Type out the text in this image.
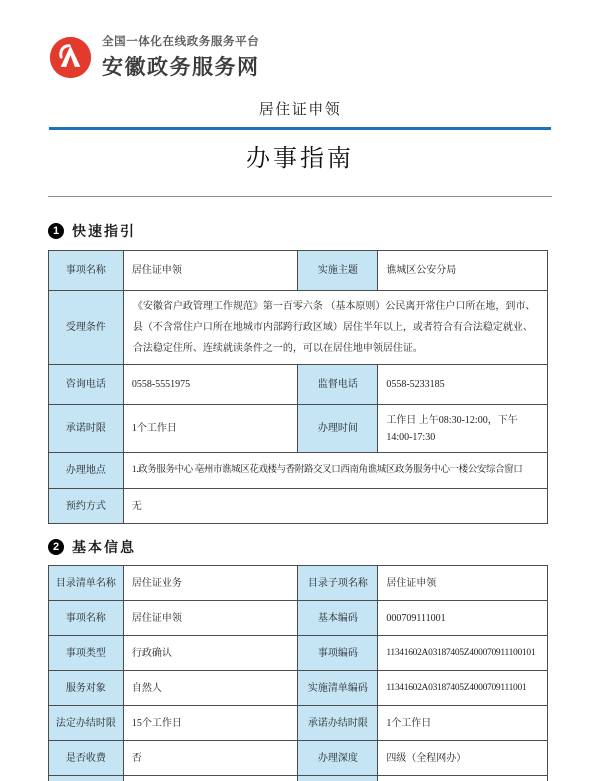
全国一体化在线政务服务平台
安徽政务服务网
居住证申领
办事指南
1 快速指引
事项名称	居住证申领	实施主题	谯城区公安分局
受理条件	《安徽省户政管理工作规范》第一百零六条 （基本原则）公民离开常住户口所在地，到市、县（不含常住户口所在地城市内部跨行政区域）居住半年以上，或者符合有合法稳定就业、合法稳定住所、连续就读条件之一的，可以在居住地申领居住证。		
咨询电话	0558-5551975	监督电话	0558-5233185
承诺时限	1个工作日	办理时间	工作日 上午08:30-12:00，下午14:00-17:30
办理地点	1.政务服务中心 亳州市谯城区花戏楼与香附路交叉口西南角谯城区政务服务中心一楼公安综合窗口		
预约方式	无		
2 基本信息
目录清单名称	居住证业务	目录子项名称	居住证申领
事项名称	居住证申领	基本编码	000709111001
事项类型	行政确认	事项编码	11341602A03187405Z400070911100101
服务对象	自然人	实施清单编码	11341602A03187405Z4000709111001
法定办结时限	15个工作日	承诺办结时限	1个工作日
是否收费	否	办理深度	四级（全程网办）
